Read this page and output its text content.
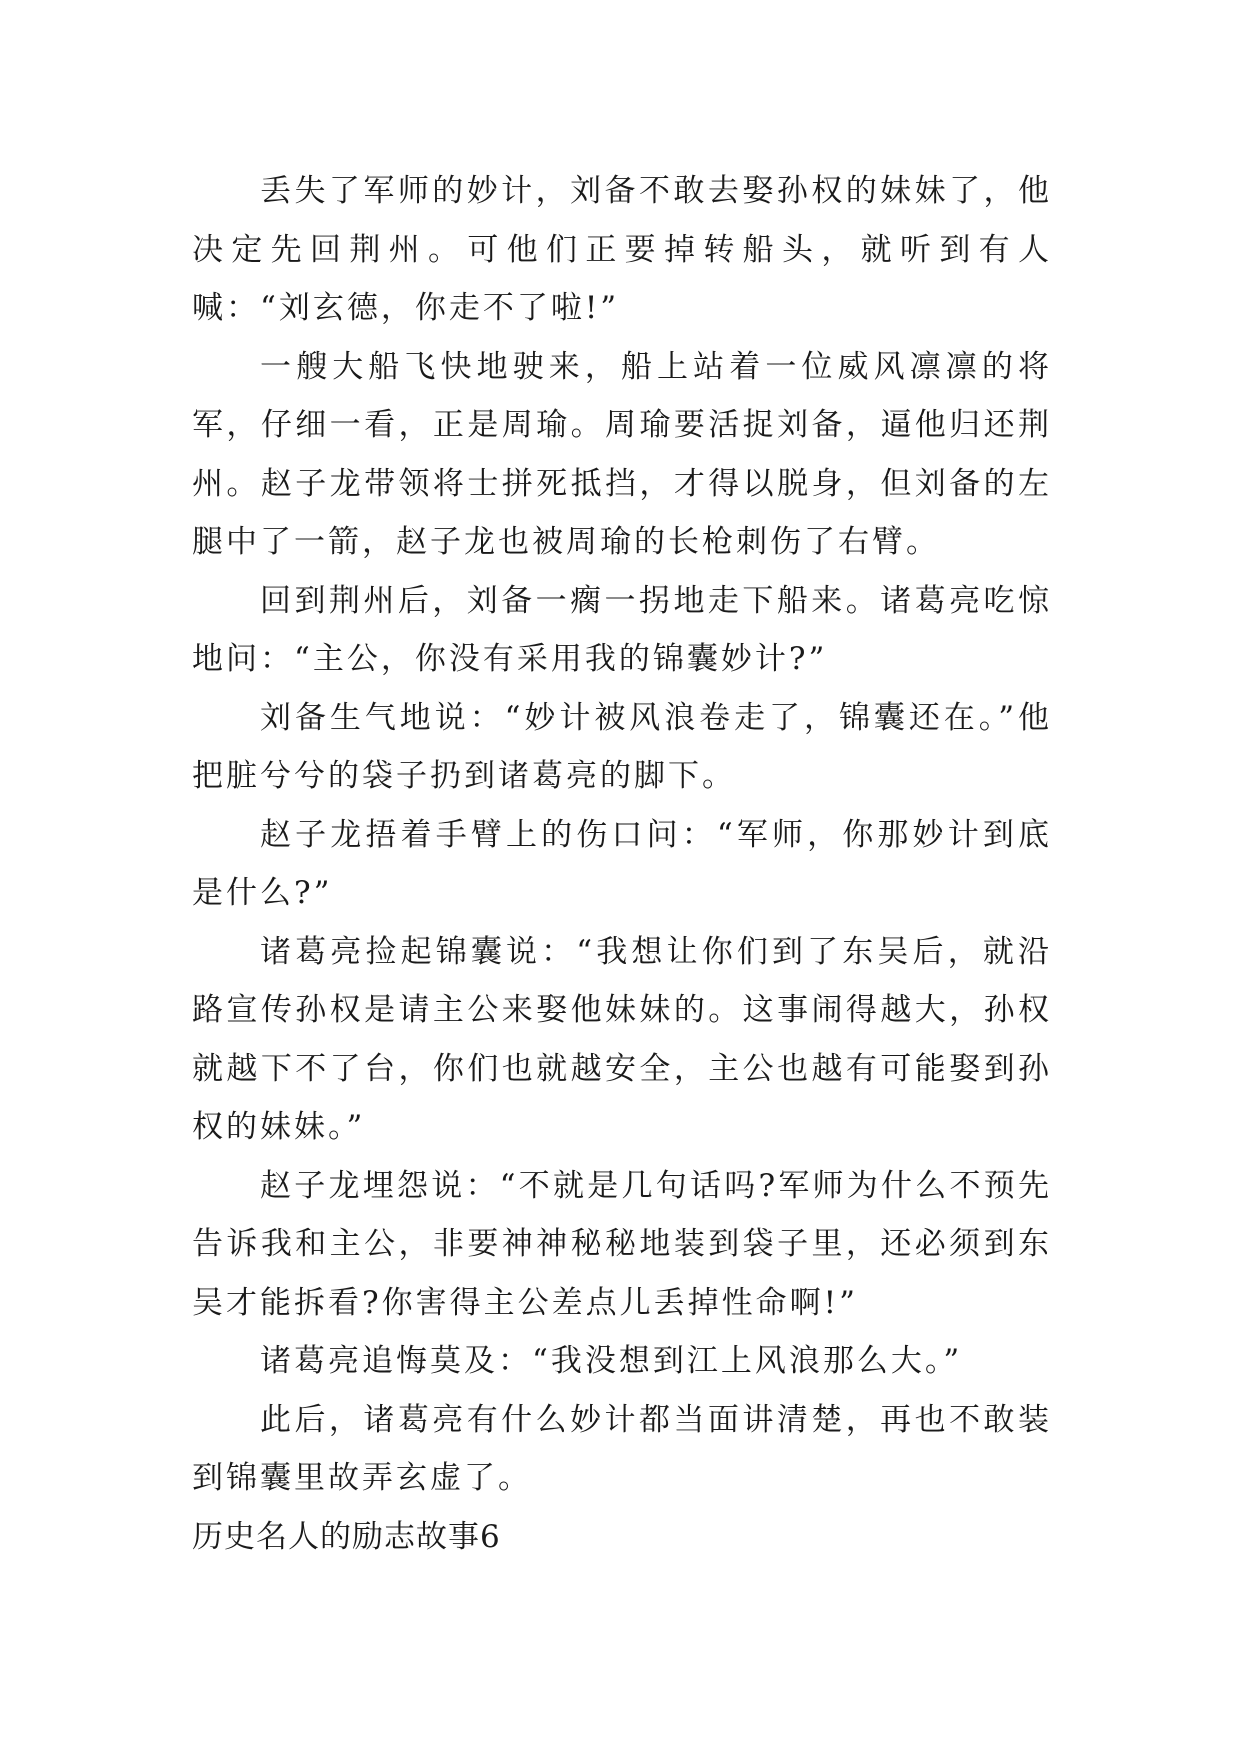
丢失了军师的妙计，刘备不敢去娶孙权的妹妹了，他决定先回荆州。可他们正要掉转船头，就听到有人喊：“刘玄德，你走不了啦!”

一艘大船飞快地驶来，船上站着一位威风凛凛的将军，仔细一看，正是周瑜。周瑜要活捉刘备，逼他归还荆州。赵子龙带领将士拼死抵挡，才得以脱身，但刘备的左腿中了一箭，赵子龙也被周瑜的长枪刺伤了右臂。

回到荆州后，刘备一瘸一拐地走下船来。诸葛亮吃惊地问：“主公，你没有采用我的锦囊妙计?”

刘备生气地说：“妙计被风浪卷走了，锦囊还在。”他把脏兮兮的袋子扔到诸葛亮的脚下。

赵子龙捂着手臂上的伤口问：“军师，你那妙计到底是什么?”

诸葛亮捡起锦囊说：“我想让你们到了东吴后，就沿路宣传孙权是请主公来娶他妹妹的。这事闹得越大，孙权就越下不了台，你们也就越安全，主公也越有可能娶到孙权的妹妹。”

赵子龙埋怨说：“不就是几句话吗?军师为什么不预先告诉我和主公，非要神神秘秘地装到袋子里，还必须到东吴才能拆看?你害得主公差点儿丢掉性命啊!”

诸葛亮追悔莫及：“我没想到江上风浪那么大。”

此后，诸葛亮有什么妙计都当面讲清楚，再也不敢装到锦囊里故弄玄虚了。

历史名人的励志故事6
